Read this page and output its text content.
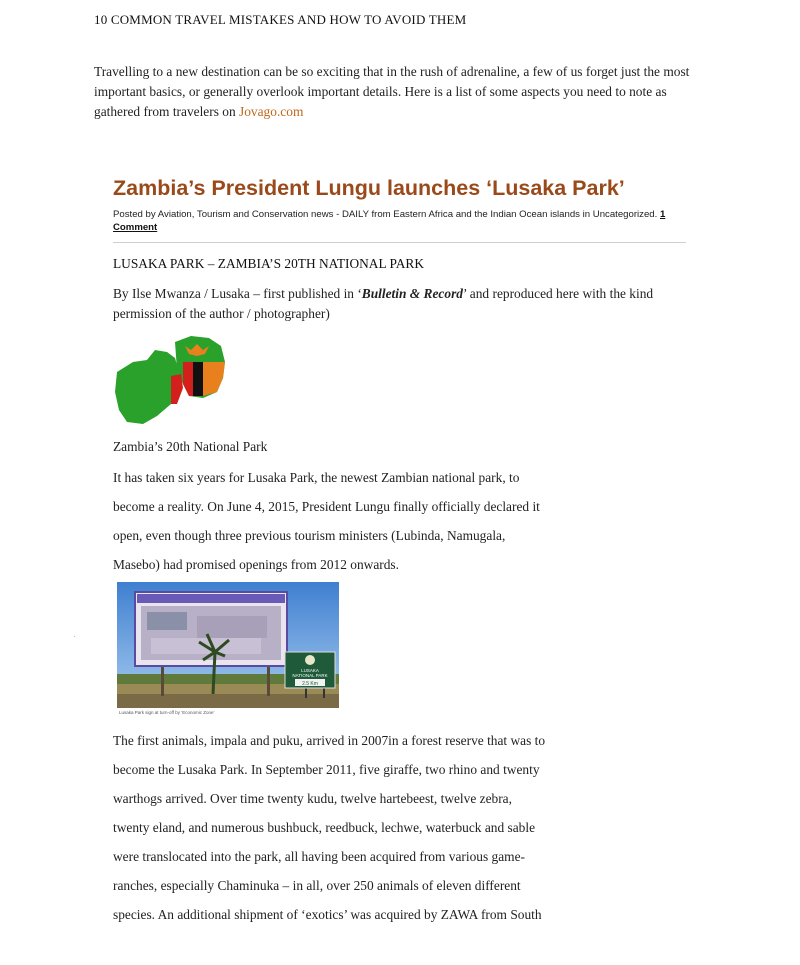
10 COMMON TRAVEL MISTAKES AND HOW TO AVOID THEM
Travelling to a new destination can be so exciting that in the rush of adrenaline, a few of us forget just the most important basics, or generally overlook important details. Here is a list of some aspects you need to note as gathered from travelers on Jovago.com
Zambia’s President Lungu launches ‘Lusaka Park’
Posted by Aviation, Tourism and Conservation news - DAILY from Eastern Africa and the Indian Ocean islands in Uncategorized. 1 Comment
LUSAKA PARK – ZAMBIA’S 20TH NATIONAL PARK
By Ilse Mwanza / Lusaka – first published in ‘Bulletin & Record’ and reproduced here with the kind permission of the author / photographer)
Zambia’s 20th National Park
It has taken six years for Lusaka Park, the newest Zambian national park, to
become a reality. On June 4, 2015, President Lungu finally officially declared it
open, even though three previous tourism ministers (Lubinda, Namugala,
Masebo) had promised openings from 2012 onwards.
LUSAKA
NATIONAL PARK
2.5 Km
Lusaka Park sign at turn-off by ‘Economic Zone’
The first animals, impala and puku, arrived in 2007in a forest reserve that was to
become the Lusaka Park. In September 2011, five giraffe, two rhino and twenty
warthogs arrived. Over time twenty kudu, twelve hartebeest, twelve zebra,
twenty eland, and numerous bushbuck, reedbuck, lechwe, waterbuck and sable
were translocated into the park, all having been acquired from various game-
ranches, especially Chaminuka – in all, over 250 animals of eleven different
species. An additional shipment of ‘exotics’ was acquired by ZAWA from South
